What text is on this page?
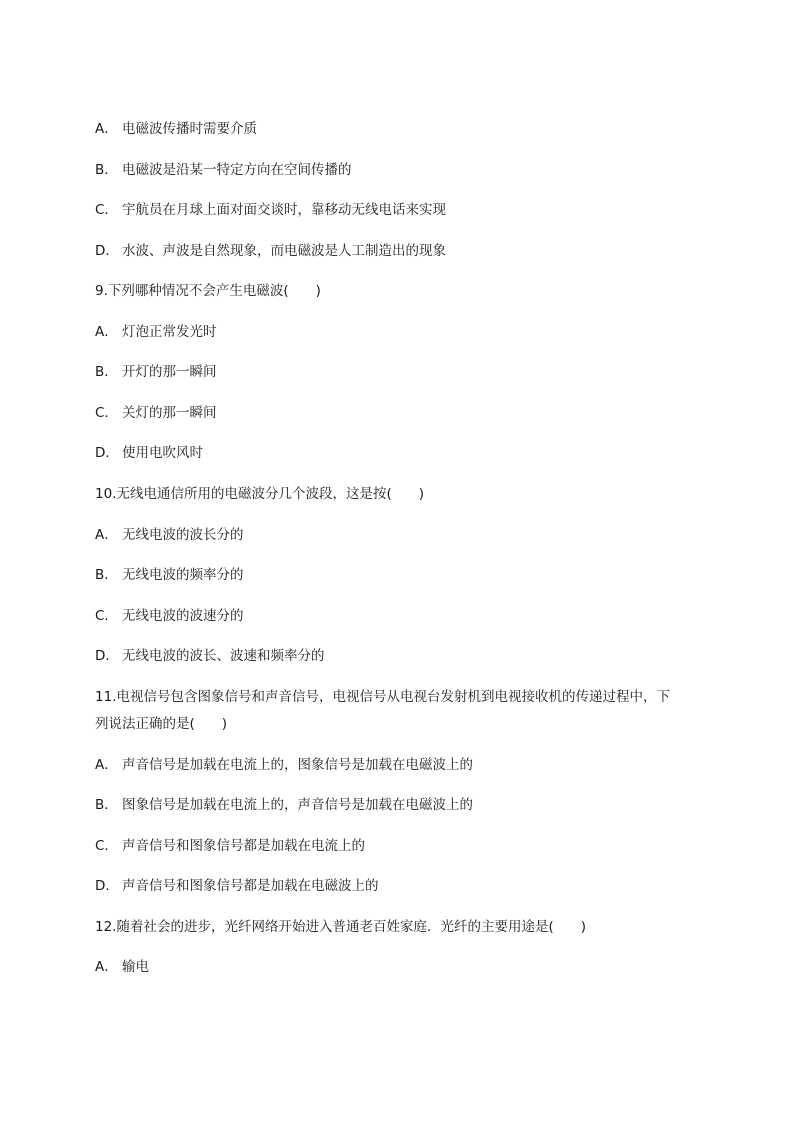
A． 电磁波传播时需要介质
B． 电磁波是沿某一特定方向在空间传播的
C． 宇航员在月球上面对面交谈时，靠移动无线电话来实现
D． 水波、声波是自然现象，而电磁波是人工制造出的现象
9.下列哪种情况不会产生电磁波(　　)
A． 灯泡正常发光时
B． 开灯的那一瞬间
C． 关灯的那一瞬间
D． 使用电吹风时
10.无线电通信所用的电磁波分几个波段，这是按(　　)
A． 无线电波的波长分的
B． 无线电波的频率分的
C． 无线电波的波速分的
D． 无线电波的波长、波速和频率分的
11.电视信号包含图象信号和声音信号，电视信号从电视台发射机到电视接收机的传递过程中，下
列说法正确的是(　　)
A． 声音信号是加载在电流上的，图象信号是加载在电磁波上的
B． 图象信号是加载在电流上的，声音信号是加载在电磁波上的
C． 声音信号和图象信号都是加载在电流上的
D． 声音信号和图象信号都是加载在电磁波上的
12.随着社会的进步，光纤网络开始进入普通老百姓家庭．光纤的主要用途是(　　)
A． 输电
